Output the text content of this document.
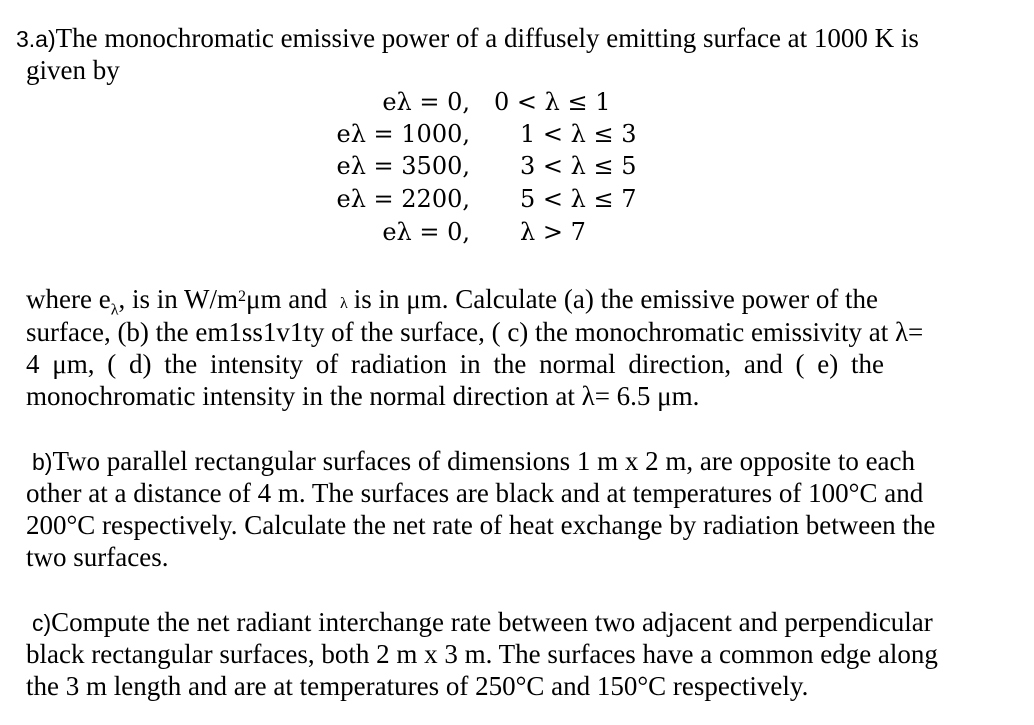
3.a)The monochromatic emissive power of a diffusely emitting surface at 1000 K is
given by
eλ = 0, 0 < λ ≤ 1
eλ = 1000, 1 < λ ≤ 3
eλ = 3500, 3 < λ ≤ 5
eλ = 2200, 5 < λ ≤ 7
eλ = 0, λ > 7
where $e_\lambda$, is in $W/m^2\mu m$ and λ is in μm. Calculate (a) the emissive power of the
surface, (b) the em1ss1v1ty of the surface, ( c) the monochromatic emissivity at λ=
4 μm, ( d) the intensity of radiation in the normal direction, and ( e) the
monochromatic intensity in the normal direction at λ= 6.5 μm.
b)Two parallel rectangular surfaces of dimensions 1 m x 2 m, are opposite to each
other at a distance of 4 m. The surfaces are black and at temperatures of 100°C and
200°C respectively. Calculate the net rate of heat exchange by radiation between the
two surfaces.
c)Compute the net radiant interchange rate between two adjacent and perpendicular
black rectangular surfaces, both 2 m x 3 m. The surfaces have a common edge along
the 3 m length and are at temperatures of 250°C and 150°C respectively.
